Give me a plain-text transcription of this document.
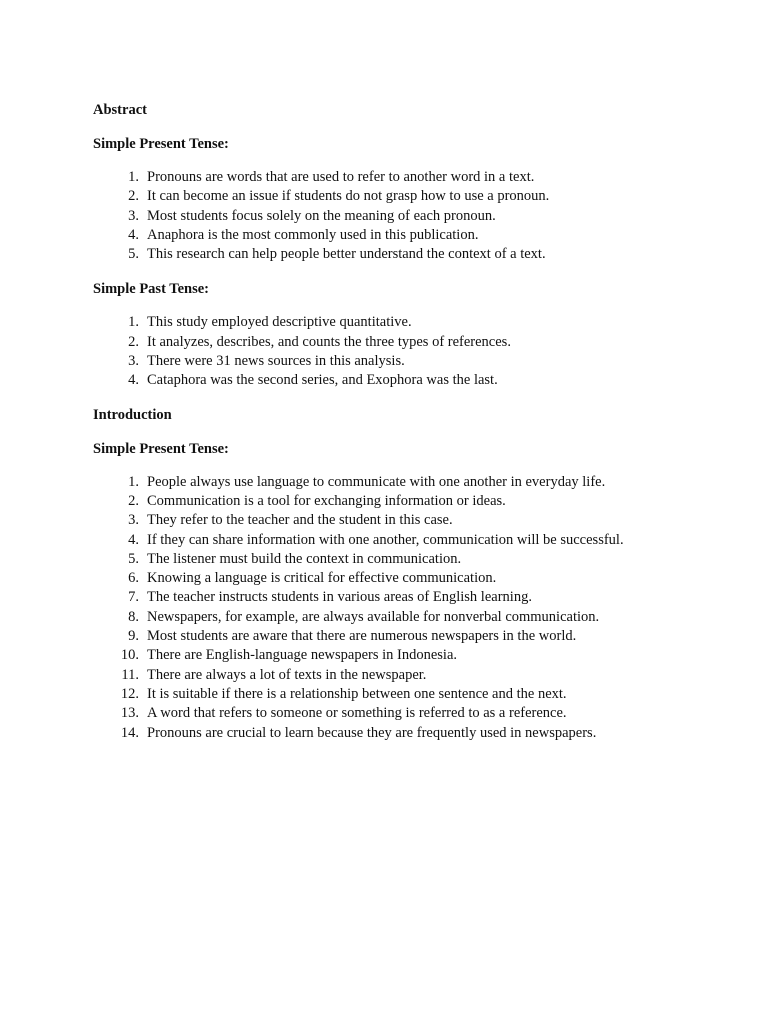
Abstract

Simple Present Tense:

1. Pronouns are words that are used to refer to another word in a text.
2. It can become an issue if students do not grasp how to use a pronoun.
3. Most students focus solely on the meaning of each pronoun.
4. Anaphora is the most commonly used in this publication.
5. This research can help people better understand the context of a text.

Simple Past Tense:

1. This study employed descriptive quantitative.
2. It analyzes, describes, and counts the three types of references.
3. There were 31 news sources in this analysis.
4. Cataphora was the second series, and Exophora was the last.

Introduction

Simple Present Tense:

1. People always use language to communicate with one another in everyday life.
2. Communication is a tool for exchanging information or ideas.
3. They refer to the teacher and the student in this case.
4. If they can share information with one another, communication will be successful.
5. The listener must build the context in communication.
6. Knowing a language is critical for effective communication.
7. The teacher instructs students in various areas of English learning.
8. Newspapers, for example, are always available for nonverbal communication.
9. Most students are aware that there are numerous newspapers in the world.
10. There are English-language newspapers in Indonesia.
11. There are always a lot of texts in the newspaper.
12. It is suitable if there is a relationship between one sentence and the next.
13. A word that refers to someone or something is referred to as a reference.
14. Pronouns are crucial to learn because they are frequently used in newspapers.
